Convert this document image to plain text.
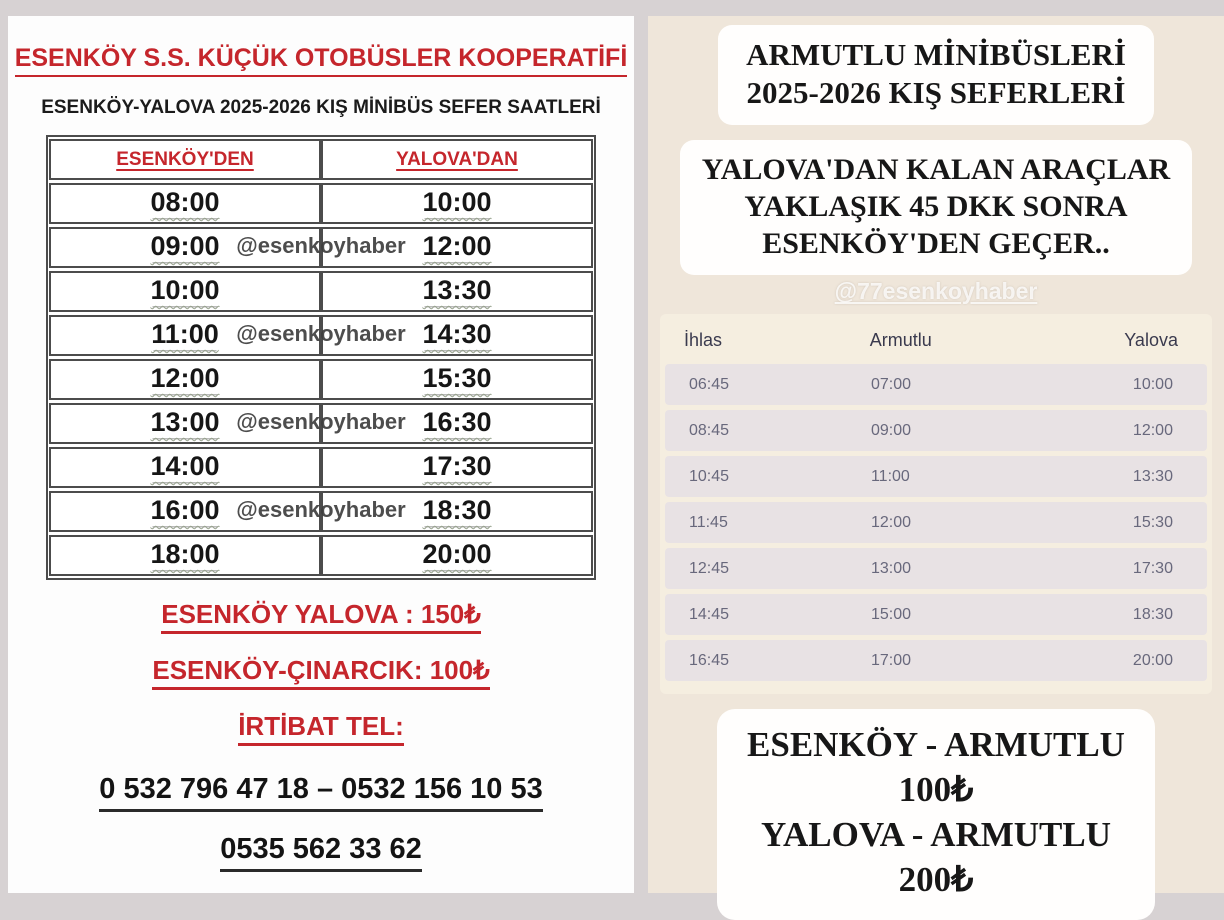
ESENKÖY S.S. KÜÇÜK OTOBÜSLER KOOPERATİFİ
ESENKÖY-YALOVA 2025-2026 KIŞ MİNİBÜS SEFER SAATLERİ
ESENKÖY'DEN	YALOVA'DAN
08:00	10:00
09:00	12:00
@esenkoyhaber
10:00	13:30
11:00	14:30
@esenkoyhaber
12:00	15:30
13:00	16:30
@esenkoyhaber
14:00	17:30
16:00	18:30
@esenkoyhaber
18:00	20:00
ESENKÖY YALOVA : 150₺
ESENKÖY-ÇINARCIK: 100₺
İRTİBAT TEL:
0 532 796 47 18 – 0532 156 10 53
0535 562 33 62
ARMUTLU MİNİBÜSLERİ
2025-2026 KIŞ SEFERLERİ
YALOVA'DAN KALAN ARAÇLAR
YAKLAŞIK 45 DKK SONRA
ESENKÖY'DEN GEÇER..
@77esenkoyhaber
İhlas	Armutlu	Yalova
06:45	07:00	10:00
08:45	09:00	12:00
10:45	11:00	13:30
11:45	12:00	15:30
12:45	13:00	17:30
14:45	15:00	18:30
16:45	17:00	20:00
ESENKÖY - ARMUTLU
100₺
YALOVA - ARMUTLU
200₺
